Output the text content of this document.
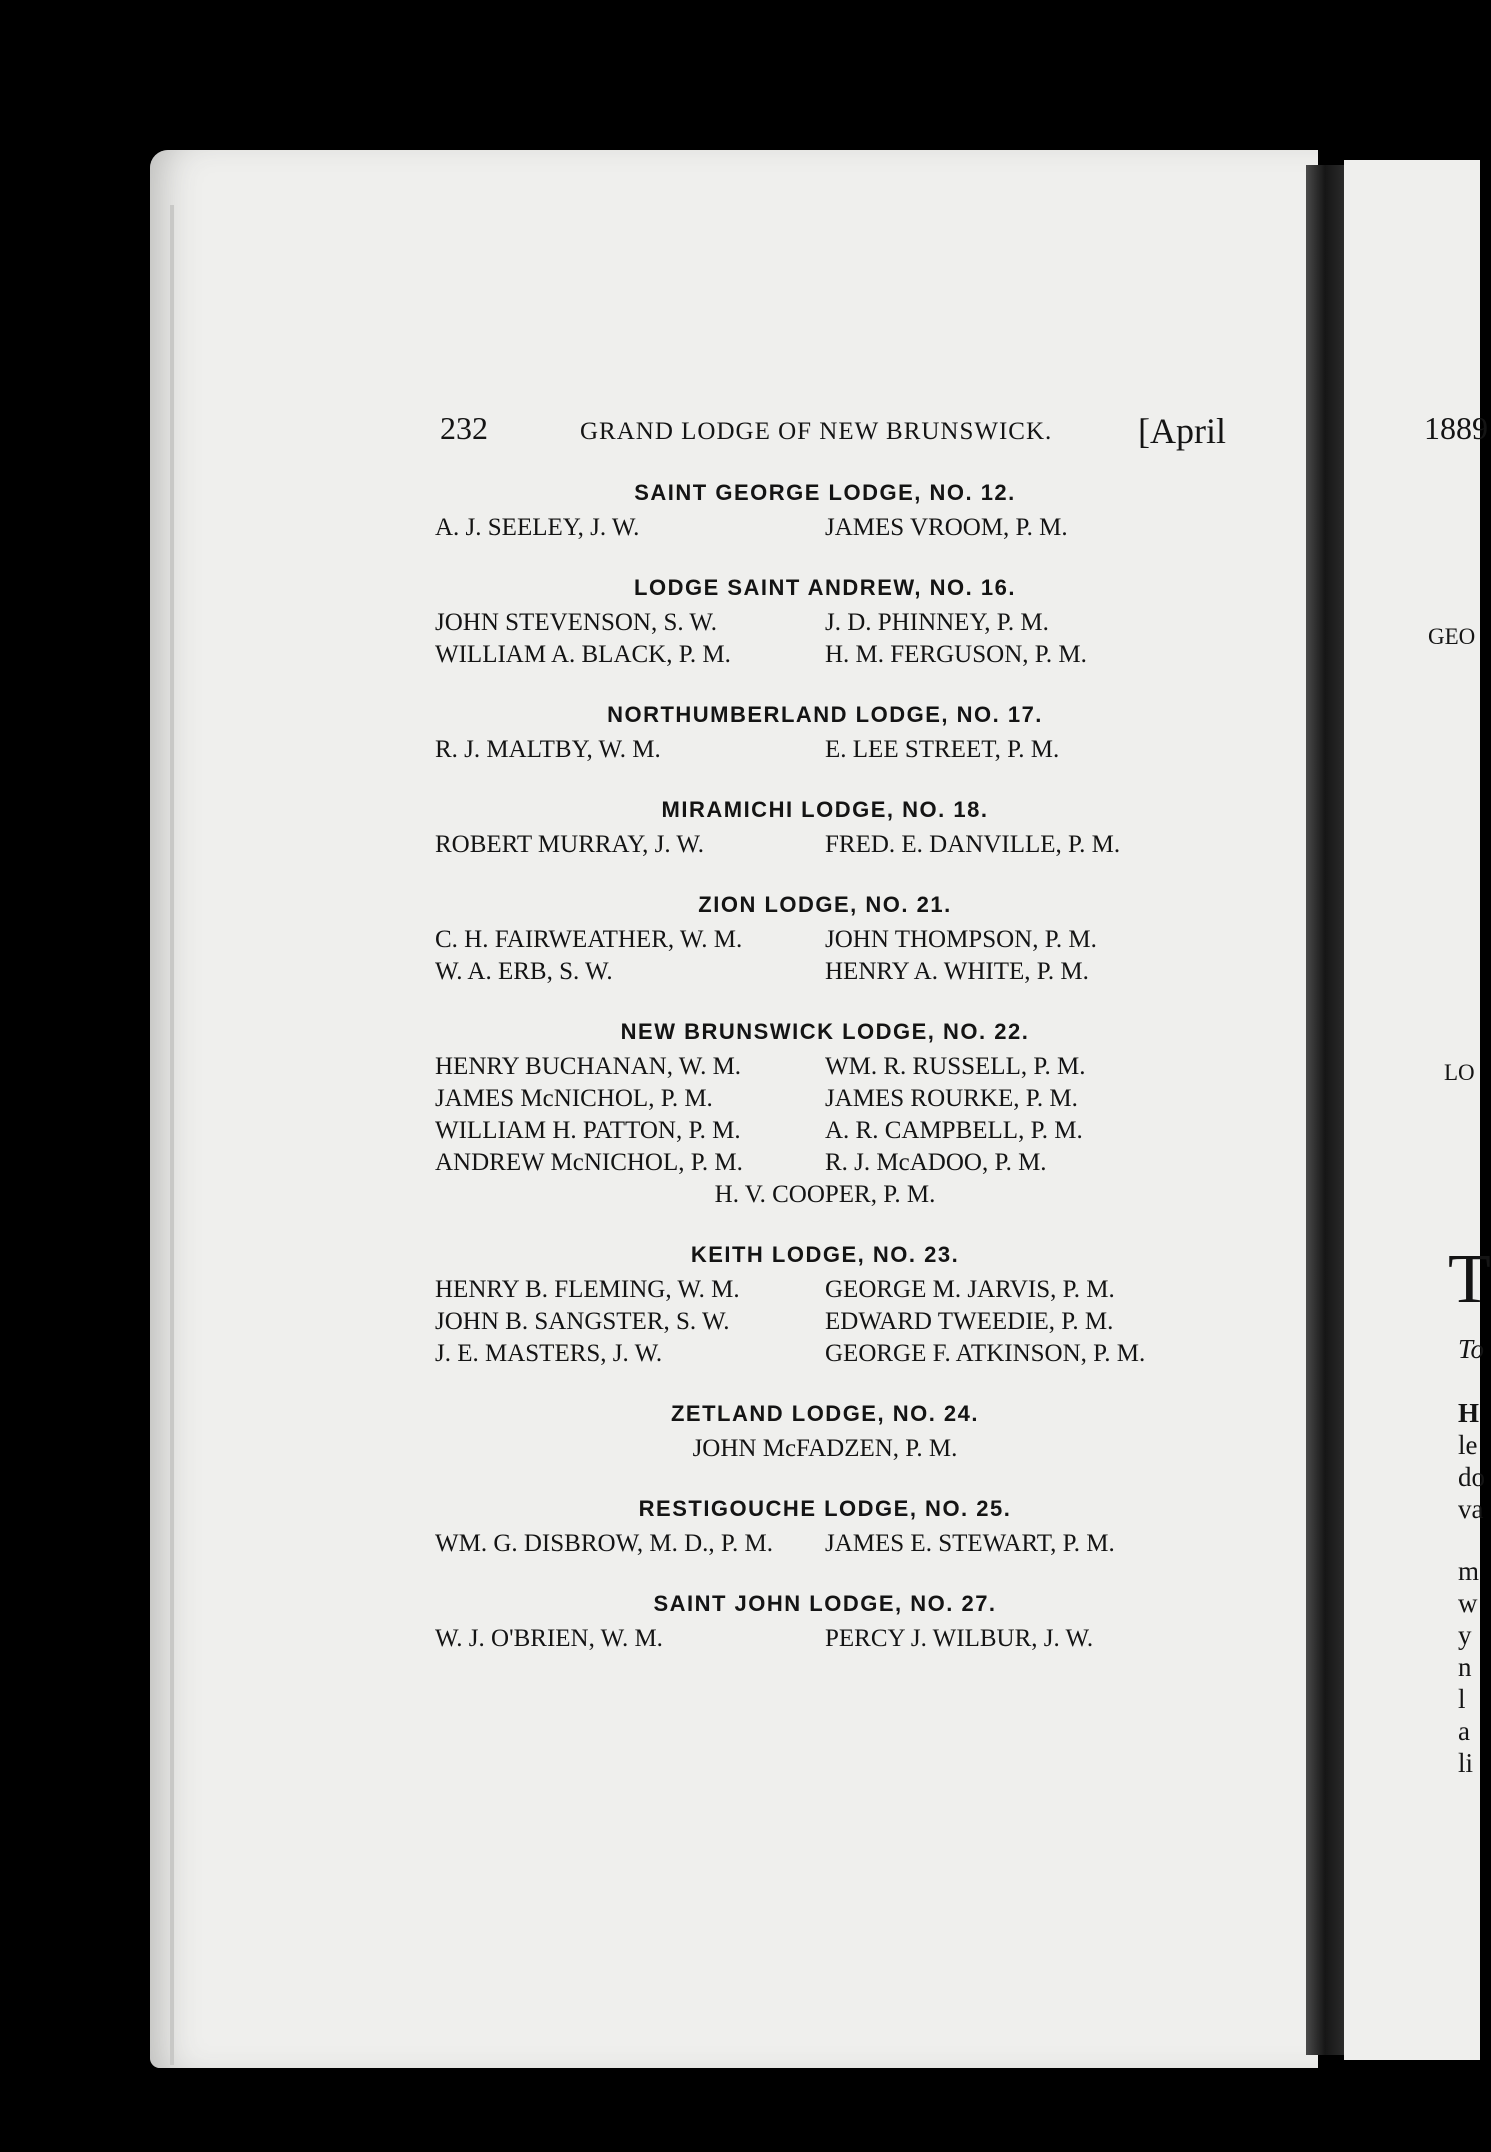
232	GRAND LODGE OF NEW BRUNSWICK. [April	1889
GEO
LO
T
To
H
le
do
va
m
w
y
n
l
a
li
SAINT GEORGE LODGE, NO. 12.
A. J. SEELEY, J. W.	JAMES VROOM, P. M.
LODGE SAINT ANDREW, NO. 16.
JOHN STEVENSON, S. W.	J. D. PHINNEY, P. M.
WILLIAM A. BLACK, P. M.	H. M. FERGUSON, P. M.
NORTHUMBERLAND LODGE, NO. 17.
R. J. MALTBY, W. M.	E. LEE STREET, P. M.
MIRAMICHI LODGE, NO. 18.
ROBERT MURRAY, J. W.	FRED. E. DANVILLE, P. M.
ZION LODGE, NO. 21.
C. H. FAIRWEATHER, W. M.	JOHN THOMPSON, P. M.
W. A. ERB, S. W.	HENRY A. WHITE, P. M.
NEW BRUNSWICK LODGE, NO. 22.
HENRY BUCHANAN, W. M.	WM. R. RUSSELL, P. M.
JAMES McNICHOL, P. M.	JAMES ROURKE, P. M.
WILLIAM H. PATTON, P. M.	A. R. CAMPBELL, P. M.
ANDREW McNICHOL, P. M.	R. J. McADOO, P. M.
H. V. COOPER, P. M.
KEITH LODGE, NO. 23.
HENRY B. FLEMING, W. M.	GEORGE M. JARVIS, P. M.
JOHN B. SANGSTER, S. W.	EDWARD TWEEDIE, P. M.
J. E. MASTERS, J. W.	GEORGE F. ATKINSON, P. M.
ZETLAND LODGE, NO. 24.
JOHN McFADZEN, P. M.
RESTIGOUCHE LODGE, NO. 25.
WM. G. DISBROW, M. D., P. M.	JAMES E. STEWART, P. M.
SAINT JOHN LODGE, NO. 27.
W. J. O'BRIEN, W. M.	PERCY J. WILBUR, J. W.
